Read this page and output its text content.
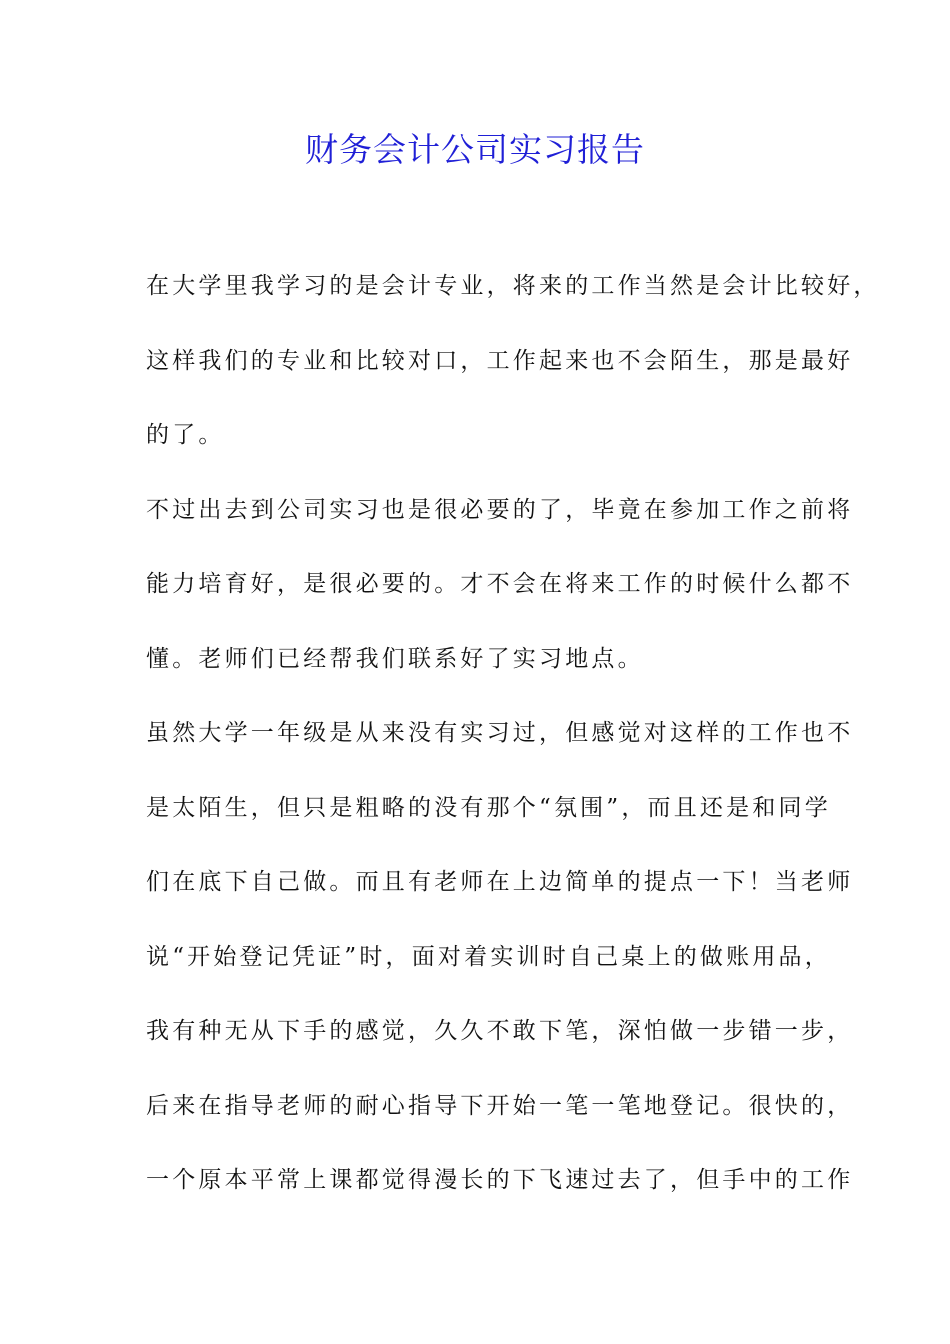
财务会计公司实习报告
在大学里我学习的是会计专业，将来的工作当然是会计比较好，
这样我们的专业和比较对口，工作起来也不会陌生，那是最好
的了。
不过出去到公司实习也是很必要的了，毕竟在参加工作之前将
能力培育好，是很必要的。才不会在将来工作的时候什么都不
懂。老师们已经帮我们联系好了实习地点。
虽然大学一年级是从来没有实习过，但感觉对这样的工作也不
是太陌生，但只是粗略的没有那个“氛围”，而且还是和同学
们在底下自己做。而且有老师在上边简单的提点一下！当老师
说“开始登记凭证”时，面对着实训时自己桌上的做账用品，
我有种无从下手的感觉，久久不敢下笔，深怕做一步错一步，
后来在指导老师的耐心指导下开始一笔一笔地登记。很快的，
一个原本平常上课都觉得漫长的下飞速过去了，但手中的工作
